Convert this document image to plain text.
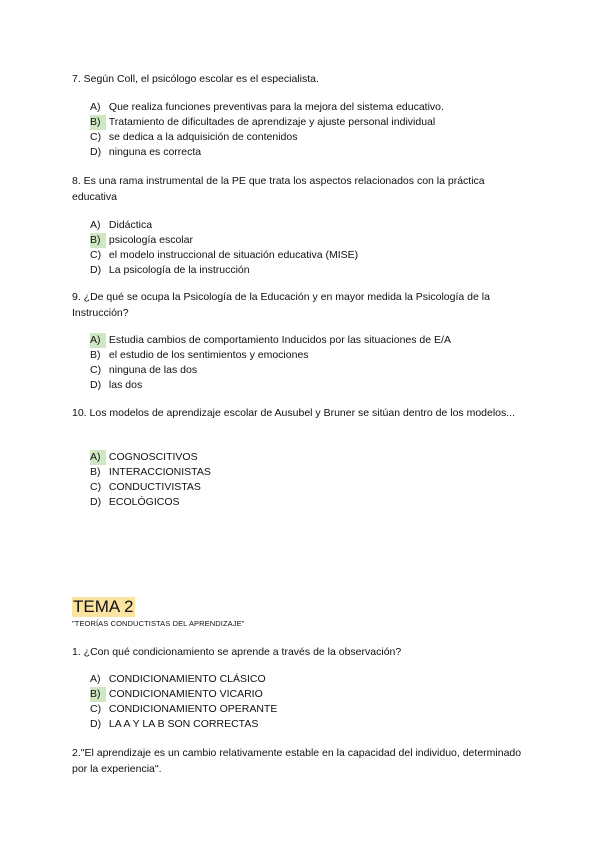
7. Según Coll, el psicólogo escolar es el especialista.
A) Que realiza funciones preventivas para la mejora del sistema educativo.
B) Tratamiento de dificultades de aprendizaje y ajuste personal individual
C) se dedica a la adquisición de contenidos
D) ninguna es correcta
8. Es una rama instrumental de la PE que trata los aspectos relacionados con la práctica educativa
A) Didáctica
B) psicología escolar
C) el modelo instruccional de situación educativa (MISE)
D) La psicología de la instrucción
9. ¿De qué se ocupa la Psicología de la Educación y en mayor medida la Psicología de la Instrucción?
A) Estudia cambios de comportamiento Inducidos por las situaciones de E/A
B) el estudio de los sentimientos y emociones
C) ninguna de las dos
D) las dos
10. Los modelos de aprendizaje escolar de Ausubel y Bruner se sitúan dentro de los modelos...
A) COGNOSCITIVOS
B) INTERACCIONISTAS
C) CONDUCTIVISTAS
D) ECOLÓGICOS
TEMA 2
"TEORÍAS CONDUCTISTAS DEL APRENDIZAJE"
1. ¿Con qué condicionamiento se aprende a través de la observación?
A) CONDICIONAMIENTO CLÁSICO
B) CONDICIONAMIENTO VICARIO
C) CONDICIONAMIENTO OPERANTE
D) LA A Y LA B SON CORRECTAS
2."El aprendizaje es un cambio relativamente estable en la capacidad del individuo, determinado por la experiencia".
